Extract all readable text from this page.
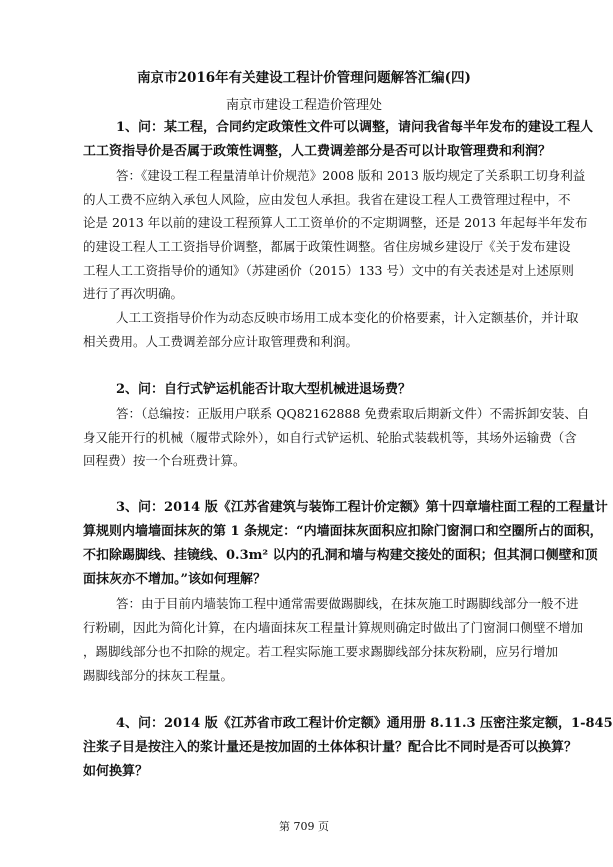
南京市2016年有关建设工程计价管理问题解答汇编(四)
南京市建设工程造价管理处
1、问：某工程，合同约定政策性文件可以调整，请问我省每半年发布的建设工程人
工工资指导价是否属于政策性调整，人工费调差部分是否可以计取管理费和利润？
答：《建设工程工程量清单计价规范》2008 版和 2013 版均规定了关系职工切身利益
的人工费不应纳入承包人风险，应由发包人承担。我省在建设工程人工费管理过程中，不
论是 2013 年以前的建设工程预算人工工资单价的不定期调整，还是 2013 年起每半年发布
的建设工程人工工资指导价调整，都属于政策性调整。省住房城乡建设厅《关于发布建设
工程人工工资指导价的通知》（苏建函价（2015）133 号）文中的有关表述是对上述原则
进行了再次明确。
人工工资指导价作为动态反映市场用工成本变化的价格要素，计入定额基价，并计取
相关费用。人工费调差部分应计取管理费和利润。
2、问：自行式铲运机能否计取大型机械进退场费？
答：（总编按：正版用户联系 QQ82162888 免费索取后期新文件）不需拆卸安装、自
身又能开行的机械（履带式除外），如自行式铲运机、轮胎式装载机等，其场外运输费（含
回程费）按一个台班费计算。
3、问：2014 版《江苏省建筑与装饰工程计价定额》第十四章墙柱面工程的工程量计
算规则内墙墙面抹灰的第 1 条规定：“内墙面抹灰面积应扣除门窗洞口和空圈所占的面积，
不扣除踢脚线、挂镜线、0.3m² 以内的孔洞和墙与构建交接处的面积；但其洞口侧壁和顶
面抹灰亦不增加。”该如何理解？
答：由于目前内墙装饰工程中通常需要做踢脚线，在抹灰施工时踢脚线部分一般不进
行粉刷，因此为简化计算，在内墙面抹灰工程量计算规则确定时做出了门窗洞口侧壁不增加
，踢脚线部分也不扣除的规定。若工程实际施工要求踢脚线部分抹灰粉刷，应另行增加
踢脚线部分的抹灰工程量。
4、问：2014 版《江苏省市政工程计价定额》通用册 8.11.3 压密注浆定额，1-845
注浆子目是按注入的浆计量还是按加固的土体体积计量？配合比不同时是否可以换算？
如何换算？
第 709 页
